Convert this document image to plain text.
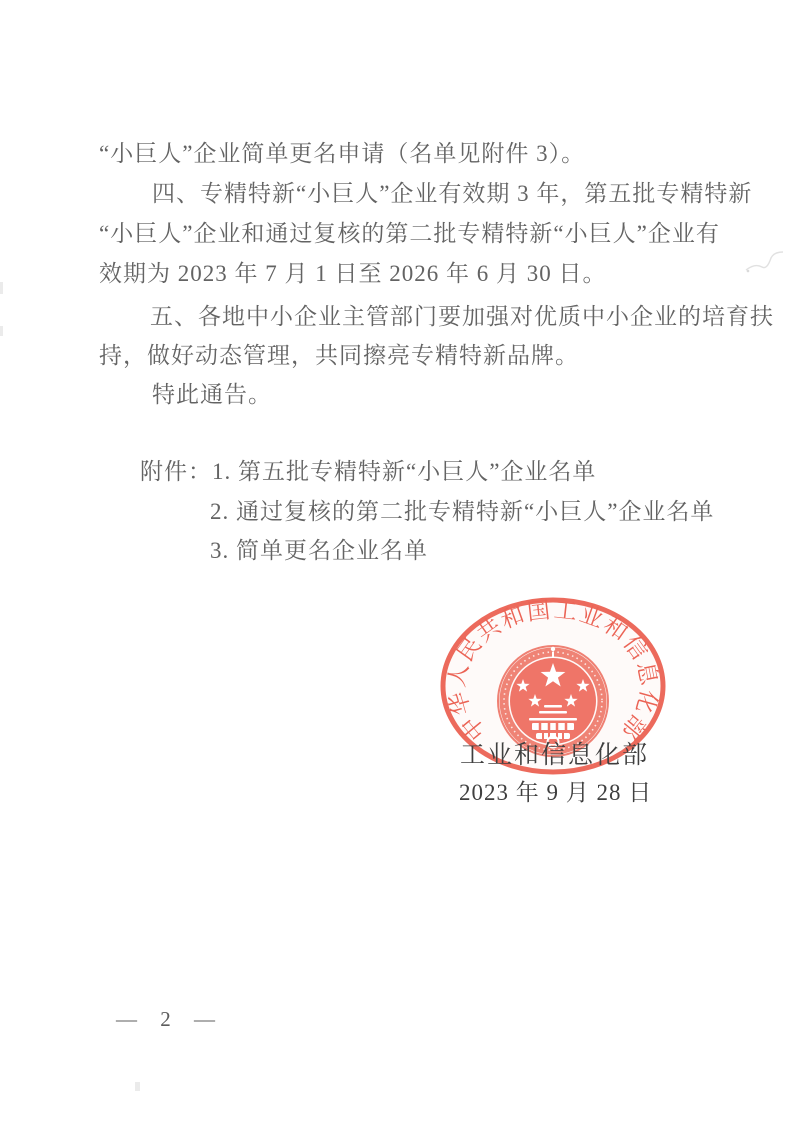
“小巨人”企业简单更名申请（名单见附件 3）。
四、专精特新“小巨人”企业有效期 3 年，第五批专精特新
“小巨人”企业和通过复核的第二批专精特新“小巨人”企业有
效期为 2023 年 7 月 1 日至 2026 年 6 月 30 日。
五、各地中小企业主管部门要加强对优质中小企业的培育扶
持，做好动态管理，共同擦亮专精特新品牌。
特此通告。
附件：1. 第五批专精特新“小巨人”企业名单
2. 通过复核的第二批专精特新“小巨人”企业名单
3. 简单更名企业名单
中华人民共和国工业和信息化部
工业和信息化部
2023 年 9 月 28 日
— 2 —
